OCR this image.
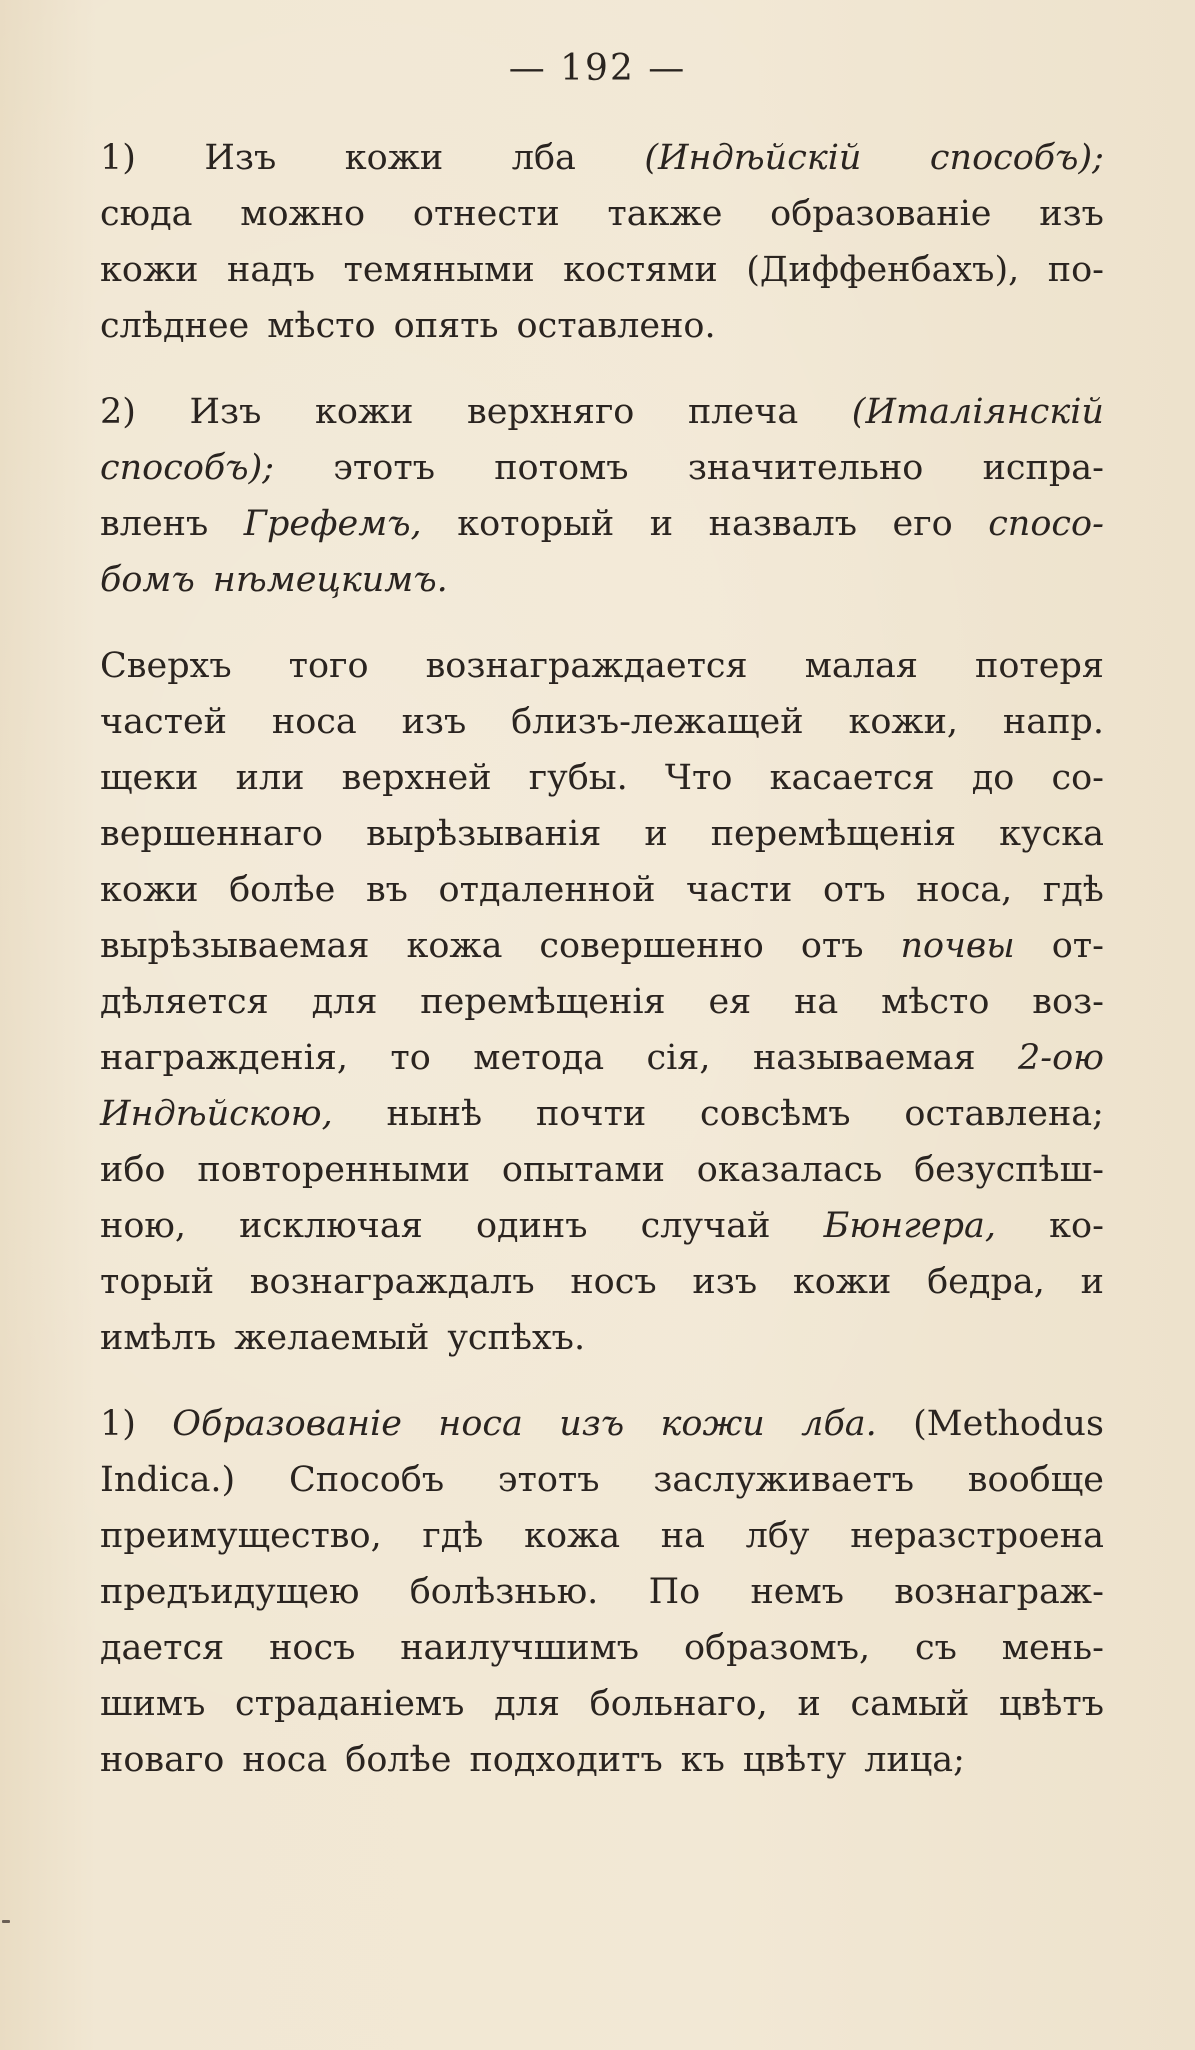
— 192 —
1) Изъ кожи лба (Индѣйскій способъ);
сюда можно отнести также образованіе изъ
кожи надъ темяными костями (Диффенбахъ), по-
слѣднее мѣсто опять оставлено.
2) Изъ кожи верхняго плеча (Италіянскій
способъ); этотъ потомъ значительно испра-
вленъ Грефемъ, который и назвалъ его спосо-
бомъ нѣмецкимъ.
Сверхъ того вознаграждается малая потеря
частей носа изъ близъ-лежащей кожи, напр.
щеки или верхней губы. Что касается до со-
вершеннаго вырѣзыванія и перемѣщенія куска
кожи болѣе въ отдаленной части отъ носа, гдѣ
вырѣзываемая кожа совершенно отъ почвы от-
дѣляется для перемѣщенія ея на мѣсто воз-
награжденія, то метода сія, называемая 2-ою
Индѣйскою, нынѣ почти совсѣмъ оставлена;
ибо повторенными опытами оказалась безуспѣш-
ною, исключая одинъ случай Бюнгера, ко-
торый вознаграждалъ носъ изъ кожи бедра, и
имѣлъ желаемый успѣхъ.
1) Образованіе носа изъ кожи лба. (Methodus
Indica.) Способъ этотъ заслуживаетъ вообще
преимущество, гдѣ кожа на лбу неразстроена
предъидущею болѣзнью. По немъ вознаграж-
дается носъ наилучшимъ образомъ, съ мень-
шимъ страданіемъ для больнаго, и самый цвѣтъ
новаго носа болѣе подходитъ къ цвѣту лица;
